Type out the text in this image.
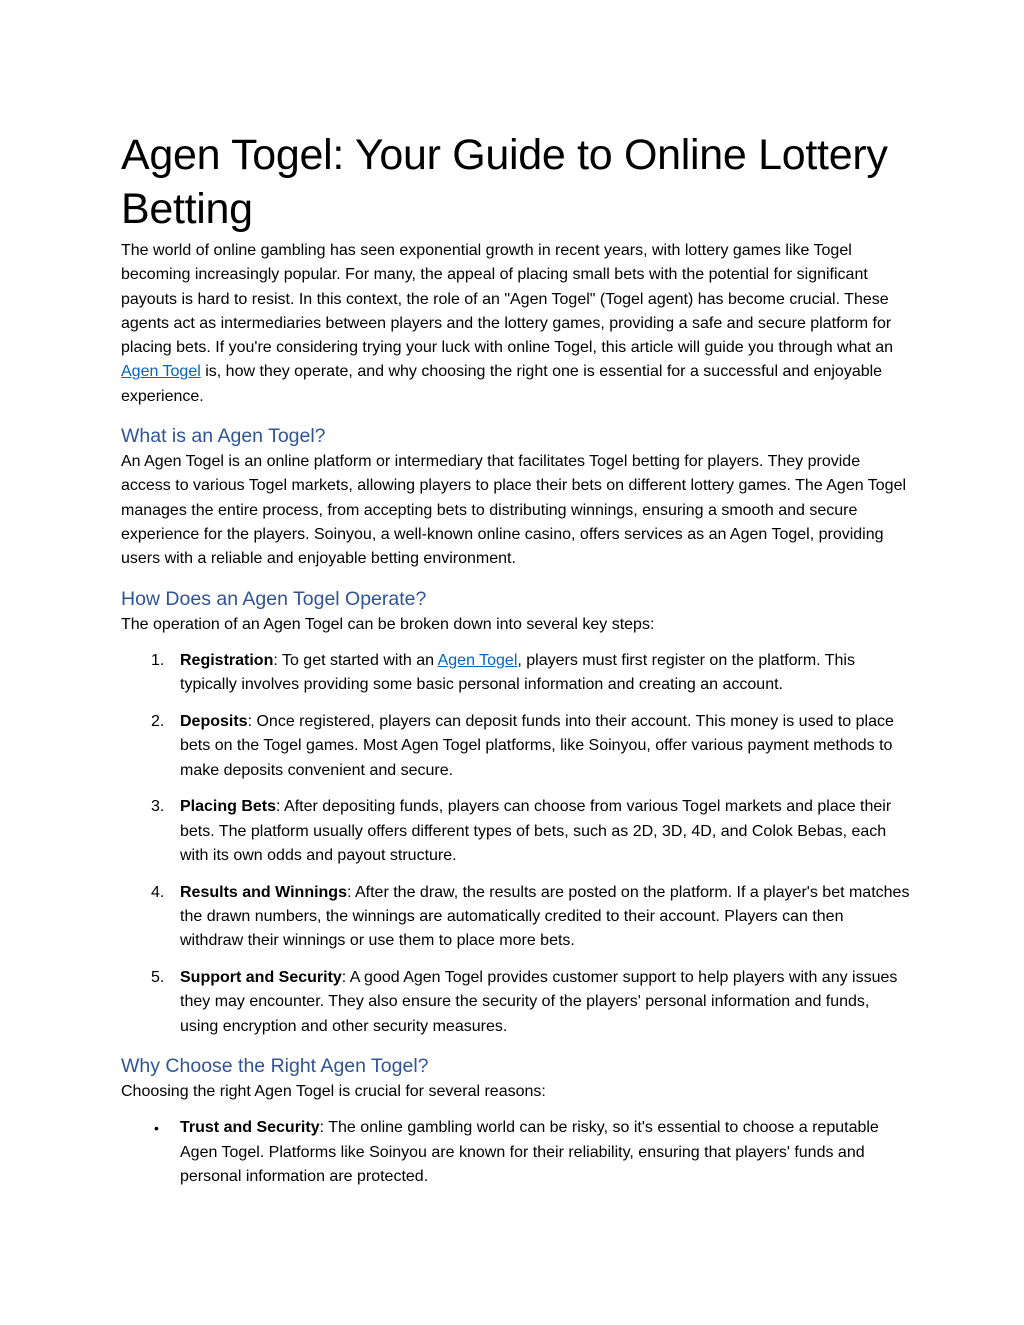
Agen Togel: Your Guide to Online Lottery Betting

The world of online gambling has seen exponential growth in recent years, with lottery games like Togel becoming increasingly popular. For many, the appeal of placing small bets with the potential for significant payouts is hard to resist. In this context, the role of an "Agen Togel" (Togel agent) has become crucial. These agents act as intermediaries between players and the lottery games, providing a safe and secure platform for placing bets. If you're considering trying your luck with online Togel, this article will guide you through what an Agen Togel is, how they operate, and why choosing the right one is essential for a successful and enjoyable experience.

What is an Agen Togel?

An Agen Togel is an online platform or intermediary that facilitates Togel betting for players. They provide access to various Togel markets, allowing players to place their bets on different lottery games. The Agen Togel manages the entire process, from accepting bets to distributing winnings, ensuring a smooth and secure experience for the players. Soinyou, a well-known online casino, offers services as an Agen Togel, providing users with a reliable and enjoyable betting environment.

How Does an Agen Togel Operate?

The operation of an Agen Togel can be broken down into several key steps:

1. Registration: To get started with an Agen Togel, players must first register on the platform. This typically involves providing some basic personal information and creating an account.
2. Deposits: Once registered, players can deposit funds into their account. This money is used to place bets on the Togel games. Most Agen Togel platforms, like Soinyou, offer various payment methods to make deposits convenient and secure.
3. Placing Bets: After depositing funds, players can choose from various Togel markets and place their bets. The platform usually offers different types of bets, such as 2D, 3D, 4D, and Colok Bebas, each with its own odds and payout structure.
4. Results and Winnings: After the draw, the results are posted on the platform. If a player's bet matches the drawn numbers, the winnings are automatically credited to their account. Players can then withdraw their winnings or use them to place more bets.
5. Support and Security: A good Agen Togel provides customer support to help players with any issues they may encounter. They also ensure the security of the players' personal information and funds, using encryption and other security measures.
Why Choose the Right Agen Togel?

Choosing the right Agen Togel is crucial for several reasons:

•	Trust and Security: The online gambling world can be risky, so it's essential to choose a reputable Agen Togel. Platforms like Soinyou are known for their reliability, ensuring that players' funds and personal information are protected.
